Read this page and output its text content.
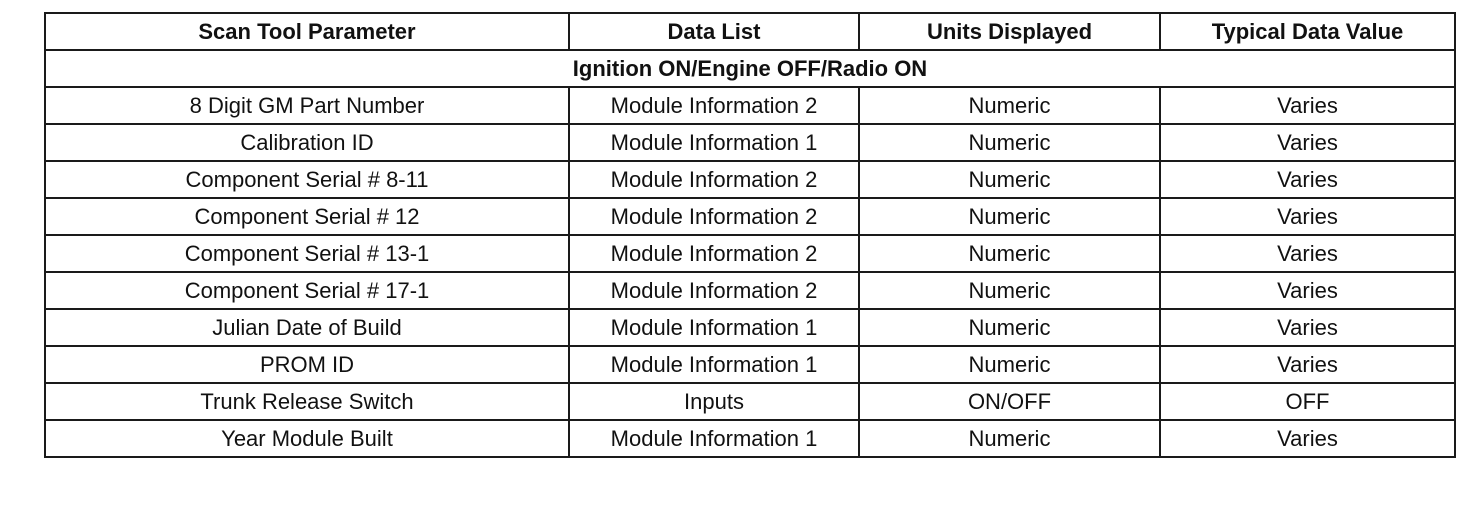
Scan Tool Parameter	Data List	Units Displayed	Typical Data Value
Ignition ON/Engine OFF/Radio ON			
8 Digit GM Part Number	Module Information 2	Numeric	Varies
Calibration ID	Module Information 1	Numeric	Varies
Component Serial # 8-11	Module Information 2	Numeric	Varies
Component Serial # 12	Module Information 2	Numeric	Varies
Component Serial # 13-1	Module Information 2	Numeric	Varies
Component Serial # 17-1	Module Information 2	Numeric	Varies
Julian Date of Build	Module Information 1	Numeric	Varies
PROM ID	Module Information 1	Numeric	Varies
Trunk Release Switch	Inputs	ON/OFF	OFF
Year Module Built	Module Information 1	Numeric	Varies
